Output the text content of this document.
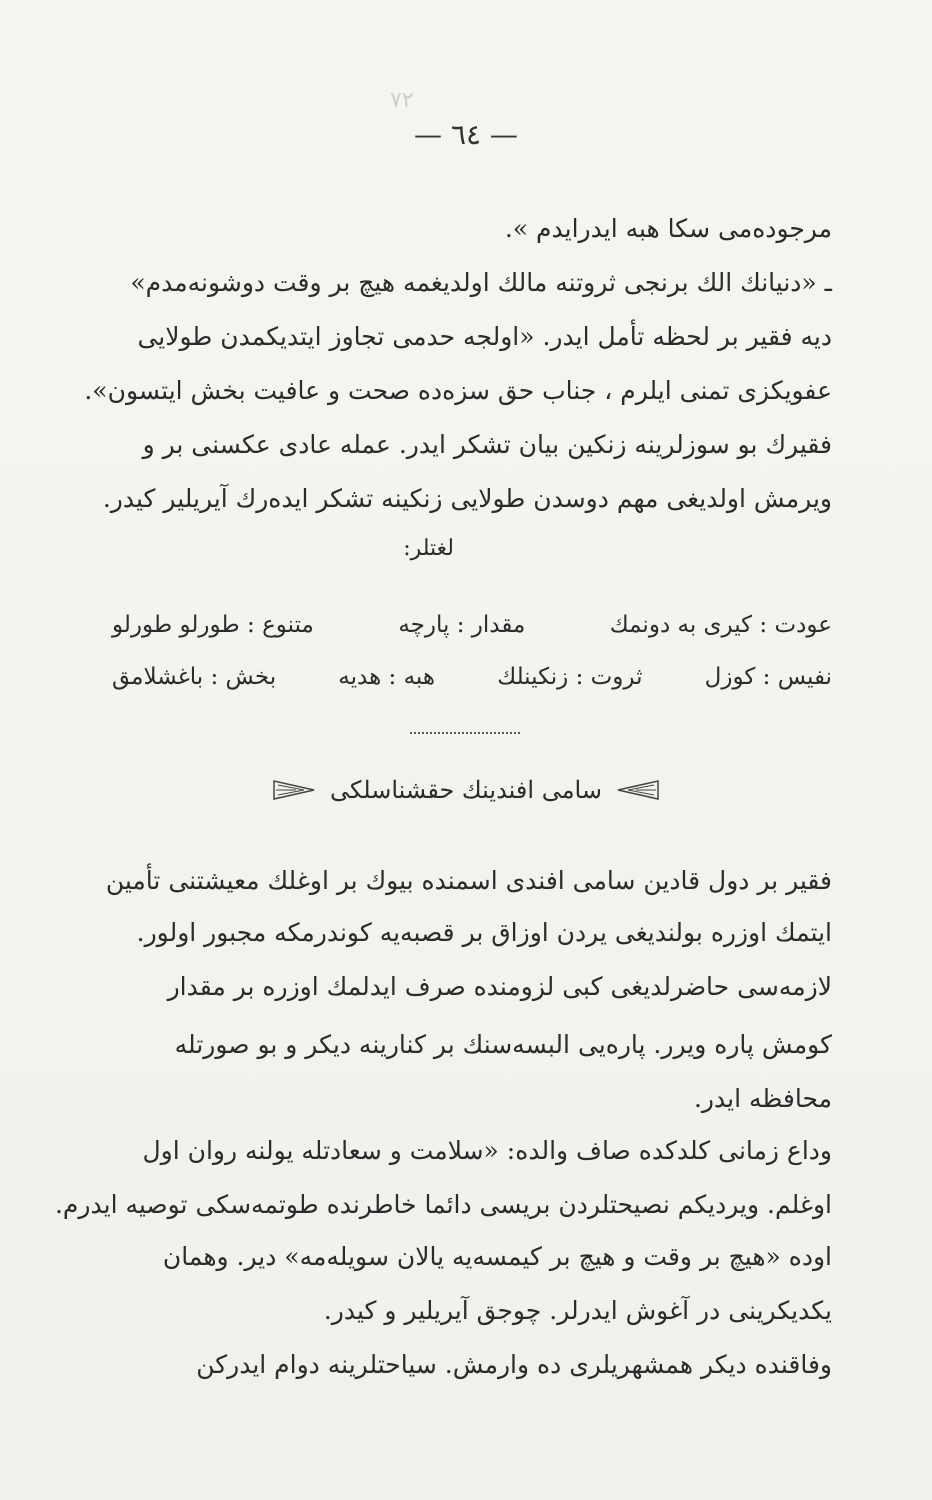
٧٢
— ٦٤ —
مرجودەمی سکا هبە ایدرایدم ».
ـ «دنیانك الك برنجی ثروتنه مالك اولدیغمه هیچ بر وقت دوشونه‌مدم»
دیه فقیر بر لحظه تأمل ایدر. «اولجه حدمی تجاوز ایتدیکمدن طولایی
عفویکزی تمنی ایلرم ، جناب حق سزەده صحت و عافیت بخش ایتسون».
فقیرك بو سوزلرینه زنکین بیان تشکر ایدر. عملە عادی عکسنی بر و
ویرمش اولدیغی مهم دوسدن طولایی زنکینه تشکر ایدەرك آیریلیر کیدر.
لغتلر:
عودت : کیری به دونمك
مقدار : پارچه
متنوع : طورلو طورلو
نفیس : کوزل
ثروت : زنکینلك
هبه : هدیه
بخش : باغشلامق
سامی افندینك حقشناسلکی
فقیر بر دول قادین سامی افندی اسمنده بیوك بر اوغلك معیشتنی تأمین
ایتمك اوزره بولندیغی یردن اوزاق بر قصبه‌یه کوندرمکه مجبور اولور.
لازمه‌سی حاضرلدیغی کبی لزومنده صرف ایدلمك اوزره بر مقدار
کومش پاره ویرر. پاره‌یی البسه‌سنك بر کنارینه دیکر و بو صورتله
محافظه ایدر.
وداع زمانی کلدکده صاف والده: «سلامت و سعادتله یولنه روان اول
اوغلم. ویردیکم نصیحتلردن بریسی دائما خاطرنده طوتمه‌سکی توصیه ایدرم.
اوده «هیچ بر وقت و هیچ بر کیمسه‌یه یالان سویله‌مه» دیر. وهمان
یکدیکرینی در آغوش ایدرلر. چوجق آیریلیر و کیدر.
وفاقنده دیکر همشهریلری ده وارمش. سیاحتلرینه دوام ایدرکن
